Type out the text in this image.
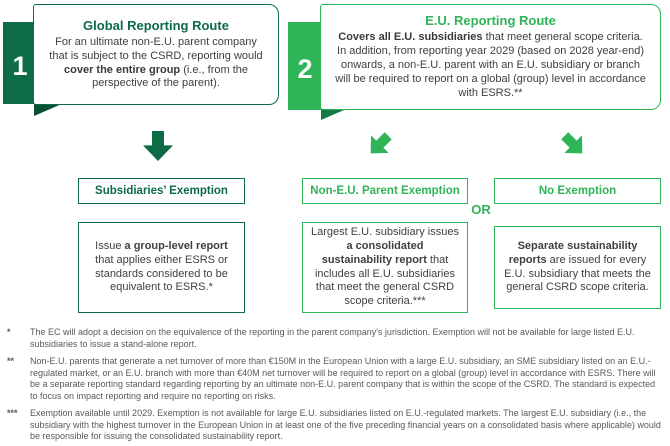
1
Global Reporting Route
For an ultimate non-E.U. parent company that is subject to the CSRD, reporting would cover the entire group (i.e., from the perspective of the parent).	2
E.U. Reporting Route
Covers all E.U. subsidiaries that meet general scope criteria. In addition, from reporting year 2029 (based on 2028 year-end) onwards, a non-E.U. parent with an E.U. subsidiary or branch will be required to report on a global (group) level in accordance with ESRS.**
Subsidiaries’ Exemption	Non-E.U. Parent Exemption	No Exemption
OR
Issue a group-level report that applies either ESRS or standards considered to be equivalent to ESRS.*
Largest E.U. subsidiary issues a consolidated sustainability report that includes all E.U. subsidiaries that meet the general CSRD scope criteria.***
Separate sustainability reports are issued for every E.U. subsidiary that meets the general CSRD scope criteria.
*	The EC will adopt a decision on the equivalence of the reporting in the parent company's jurisdiction. Exemption will not be available for large listed E.U. subsidiaries to issue a stand-alone report.
**	Non-E.U. parents that generate a net turnover of more than €150M in the European Union with a large E.U. subsidiary, an SME subsidiary listed on an E.U.-regulated market, or an E.U. branch with more than €40M net turnover will be required to report on a global (group) level in accordance with ESRS. There will be a separate reporting standard regarding reporting by an ultimate non-E.U. parent company that is within the scope of the CSRD. The standard is expected to focus on impact reporting and require no reporting on risks.
***	Exemption available until 2029. Exemption is not available for large E.U. subsidiaries listed on E.U.-regulated markets. The largest E.U. subsidiary (i.e., the subsidiary with the highest turnover in the European Union in at least one of the five preceding financial years on a consolidated basis where applicable) would be responsible for issuing the consolidated sustainability report.
